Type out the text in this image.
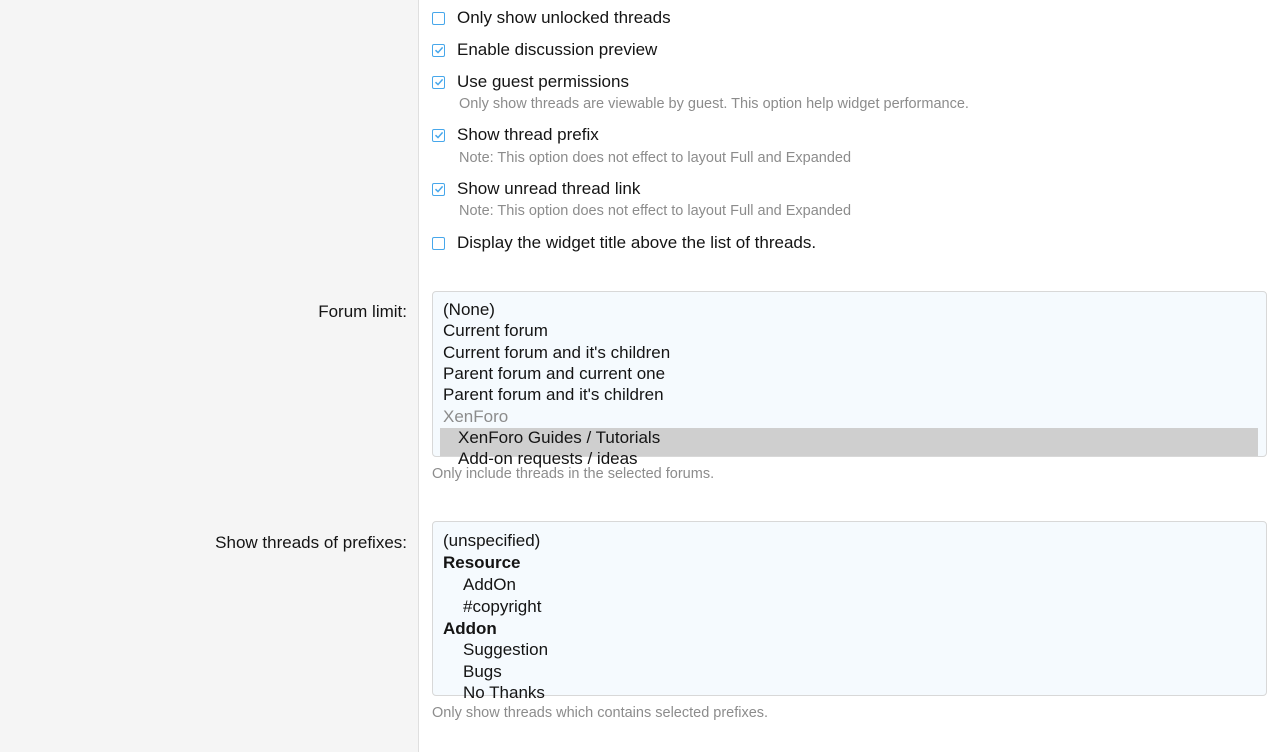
Only show unlocked threads
Enable discussion preview
Use guest permissions
Only show threads are viewable by guest. This option help widget performance.
Show thread prefix
Note: This option does not effect to layout Full and Expanded
Show unread thread link
Note: This option does not effect to layout Full and Expanded
Display the widget title above the list of threads.
Forum limit: (None)
Current forum
Current forum and it's children
Parent forum and current one
Parent forum and it's children
XenForo
XenForo Guides / Tutorials
Add-on requests / ideas
Only include threads in the selected forums.
Show threads of prefixes: (unspecified)
Resource
AddOn
#copyright
Addon
Suggestion
Bugs
No Thanks
Only show threads which contains selected prefixes.
